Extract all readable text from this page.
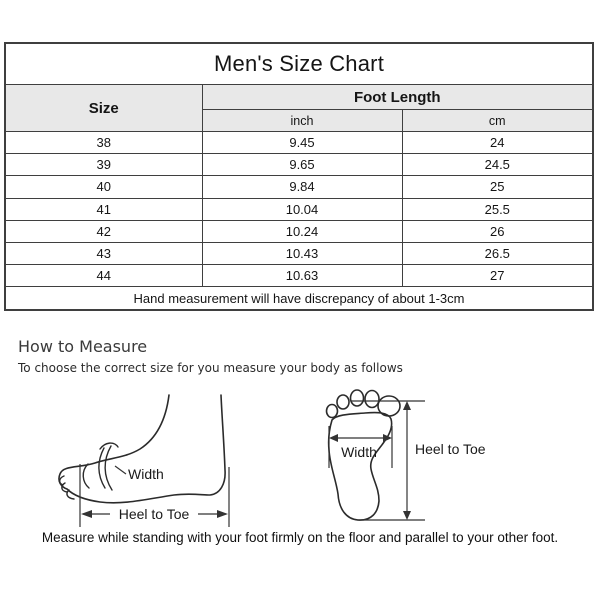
Men's Size Chart		
Size	Foot Length	
	inch	cm
38	9.45	24
39	9.65	24.5
40	9.84	25
41	10.04	25.5
42	10.24	26
43	10.43	26.5
44	10.63	27
Hand measurement will have discrepancy of about 1-3cm		
How to Measure

To choose the correct size for you measure your body as follows

Width
Heel to Toe
Width	Heel to Toe

Measure while standing with your foot firmly on the floor and parallel to your other foot.
